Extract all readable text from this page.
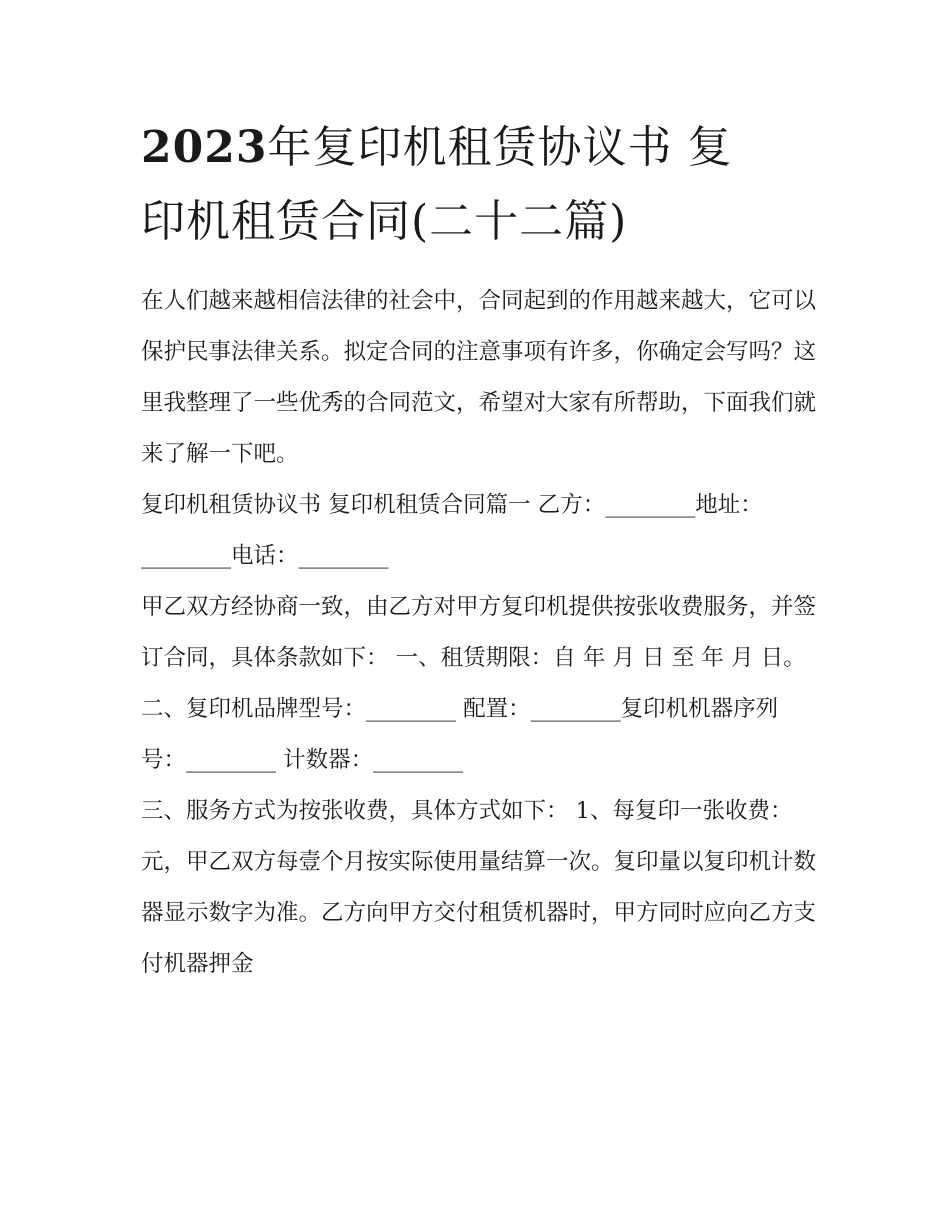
2023年复印机租赁协议书 复
印机租赁合同(二十二篇)

在人们越来越相信法律的社会中，合同起到的作用越来越大，它可以保护民事法律关系。拟定合同的注意事项有许多，你确定会写吗？这里我整理了一些优秀的合同范文，希望对大家有所帮助，下面我们就来了解一下吧。

复印机租赁协议书 复印机租赁合同篇一 乙方：________地址：________电话：________

甲乙双方经协商一致，由乙方对甲方复印机提供按张收费服务，并签订合同，具体条款如下： 一、租赁期限：自 年 月 日 至 年 月 日。

二、复印机品牌型号：________ 配置：________复印机机器序列号：________ 计数器：________

三、服务方式为按张收费，具体方式如下： 1、每复印一张收费：

元，甲乙双方每壹个月按实际使用量结算一次。复印量以复印机计数器显示数字为准。乙方向甲方交付租赁机器时，甲方同时应向乙方支付机器押金
